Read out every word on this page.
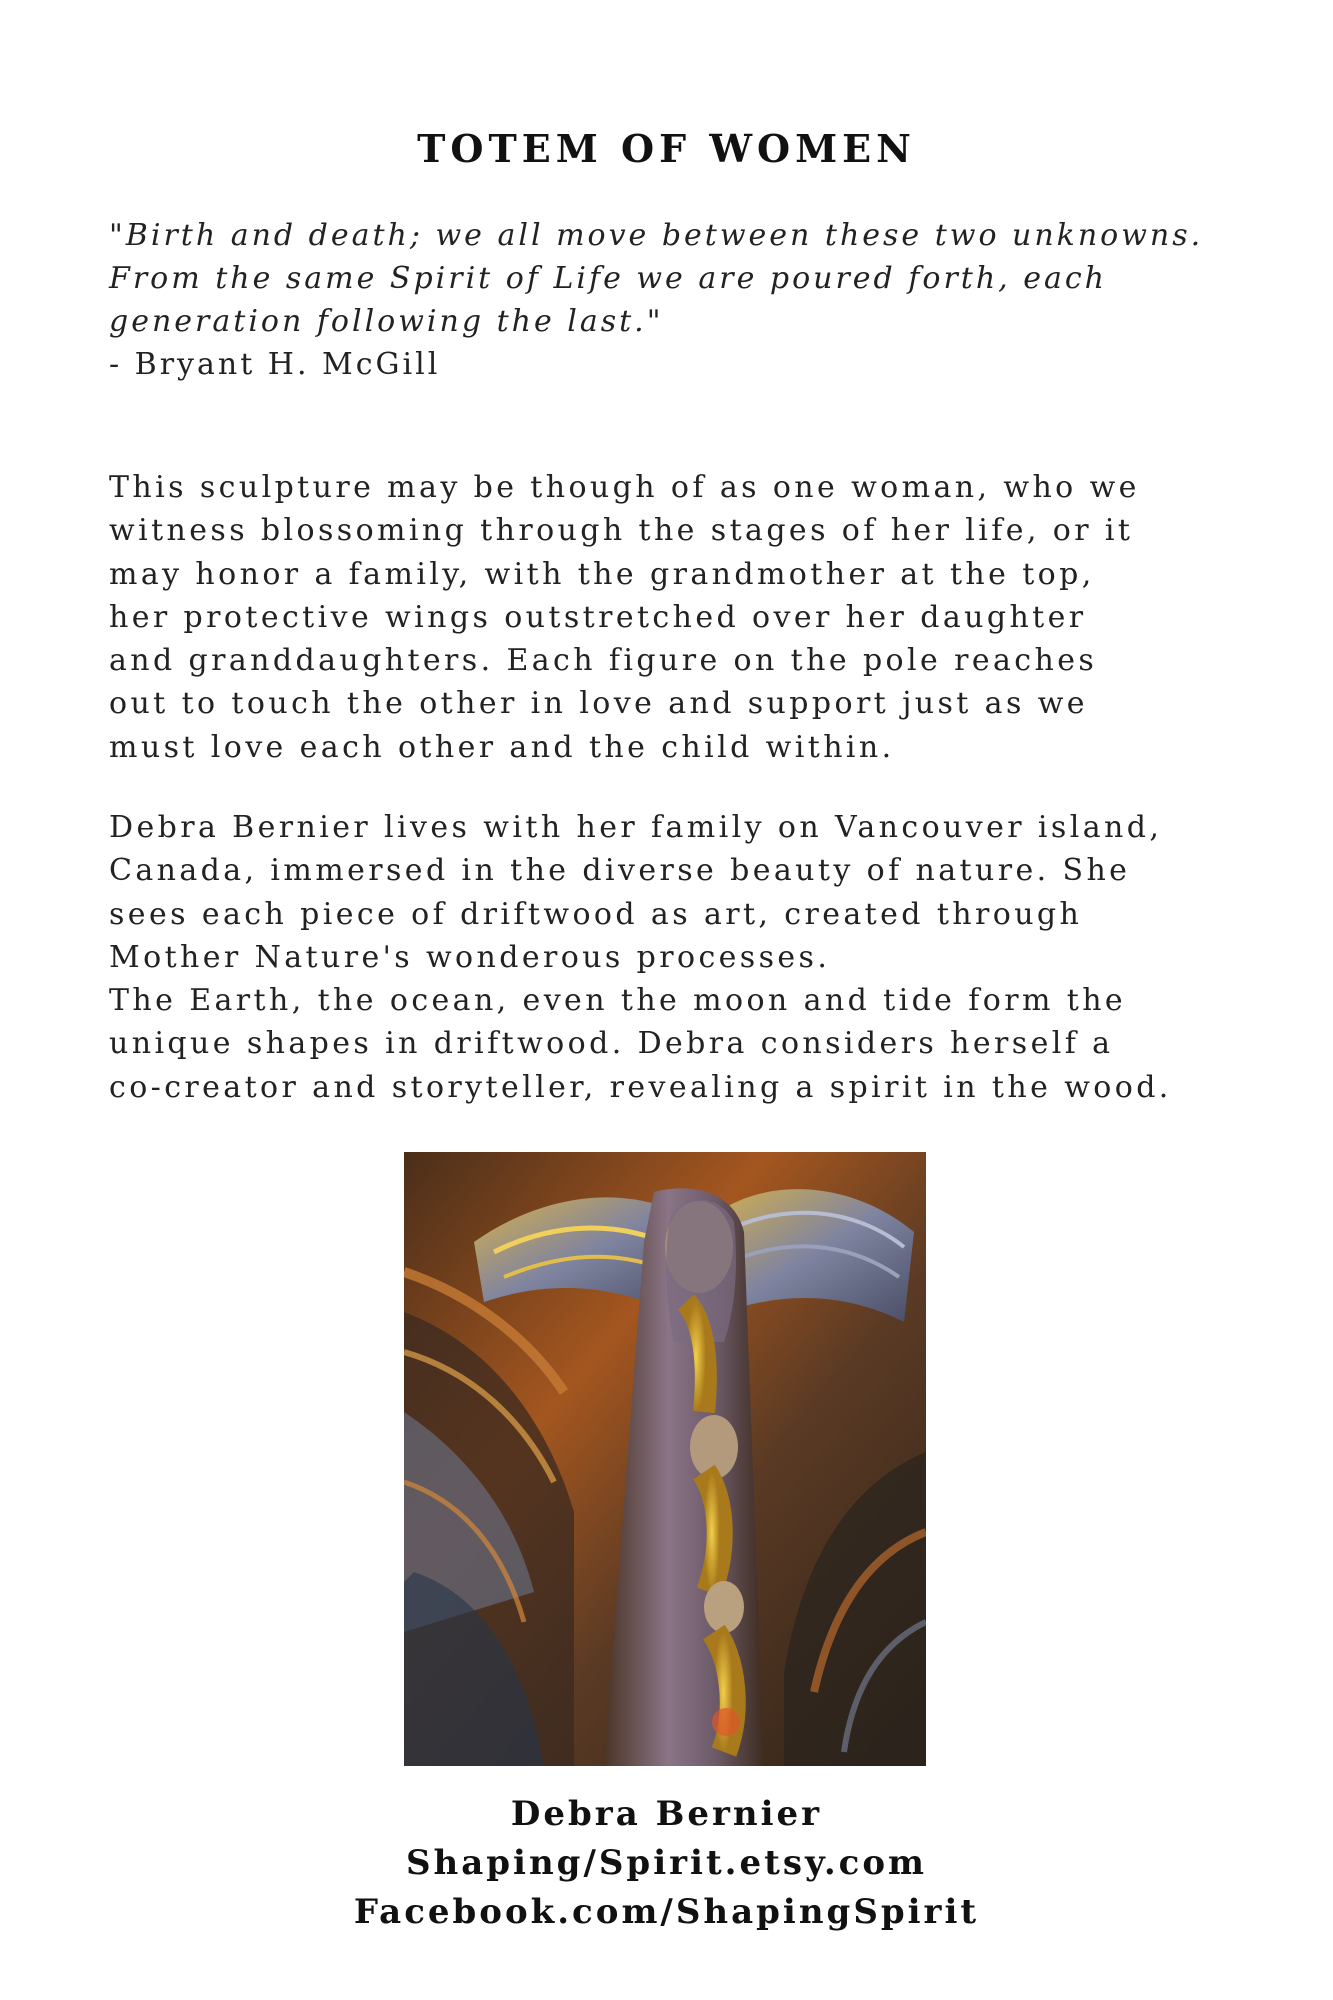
TOTEM OF WOMEN
"Birth and death; we all move between these two unknowns.
From the same Spirit of Life we are poured forth, each
generation following the last."
- Bryant H. McGill
This sculpture may be though of as one woman, who we
witness blossoming through the stages of her life, or it
may honor a family, with the grandmother at the top,
her protective wings outstretched over her daughter
and granddaughters. Each figure on the pole reaches
out to touch the other in love and support just as we
must love each other and the child within.
Debra Bernier lives with her family on Vancouver island,
Canada, immersed in the diverse beauty of nature. She
sees each piece of driftwood as art, created through
Mother Nature's wonderous processes.
The Earth, the ocean, even the moon and tide form the
unique shapes in driftwood. Debra considers herself a
co-creator and storyteller, revealing a spirit in the wood.
Debra Bernier
Shaping/Spirit.etsy.com
Facebook.com/ShapingSpirit
